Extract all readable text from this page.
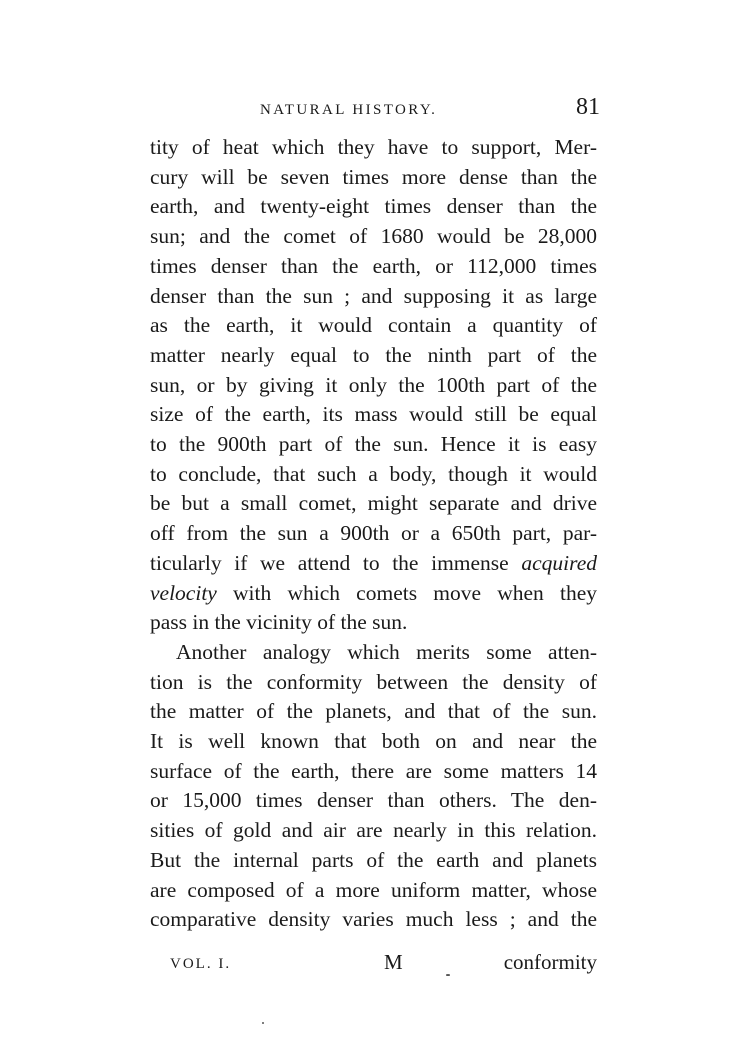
NATURAL HISTORY.	81
tity of heat which they have to support, Mer-
cury will be seven times more dense than the
earth, and twenty-eight times denser than the
sun; and the comet of 1680 would be 28,000
times denser than the earth, or 112,000 times
denser than the sun ; and supposing it as large
as the earth, it would contain a quantity of
matter nearly equal to the ninth part of the
sun, or by giving it only the 100th part of the
size of the earth, its mass would still be equal
to the 900th part of the sun. Hence it is easy
to conclude, that such a body, though it would
be but a small comet, might separate and drive
off from the sun a 900th or a 650th part, par-
ticularly if we attend to the immense acquired
velocity with which comets move when they
pass in the vicinity of the sun.
Another analogy which merits some atten-
tion is the conformity between the density of
the matter of the planets, and that of the sun.
It is well known that both on and near the
surface of the earth, there are some matters 14
or 15,000 times denser than others. The den-
sities of gold and air are nearly in this relation.
But the internal parts of the earth and planets
are composed of a more uniform matter, whose
comparative density varies much less ; and the
VOL. I.	M	conformity
